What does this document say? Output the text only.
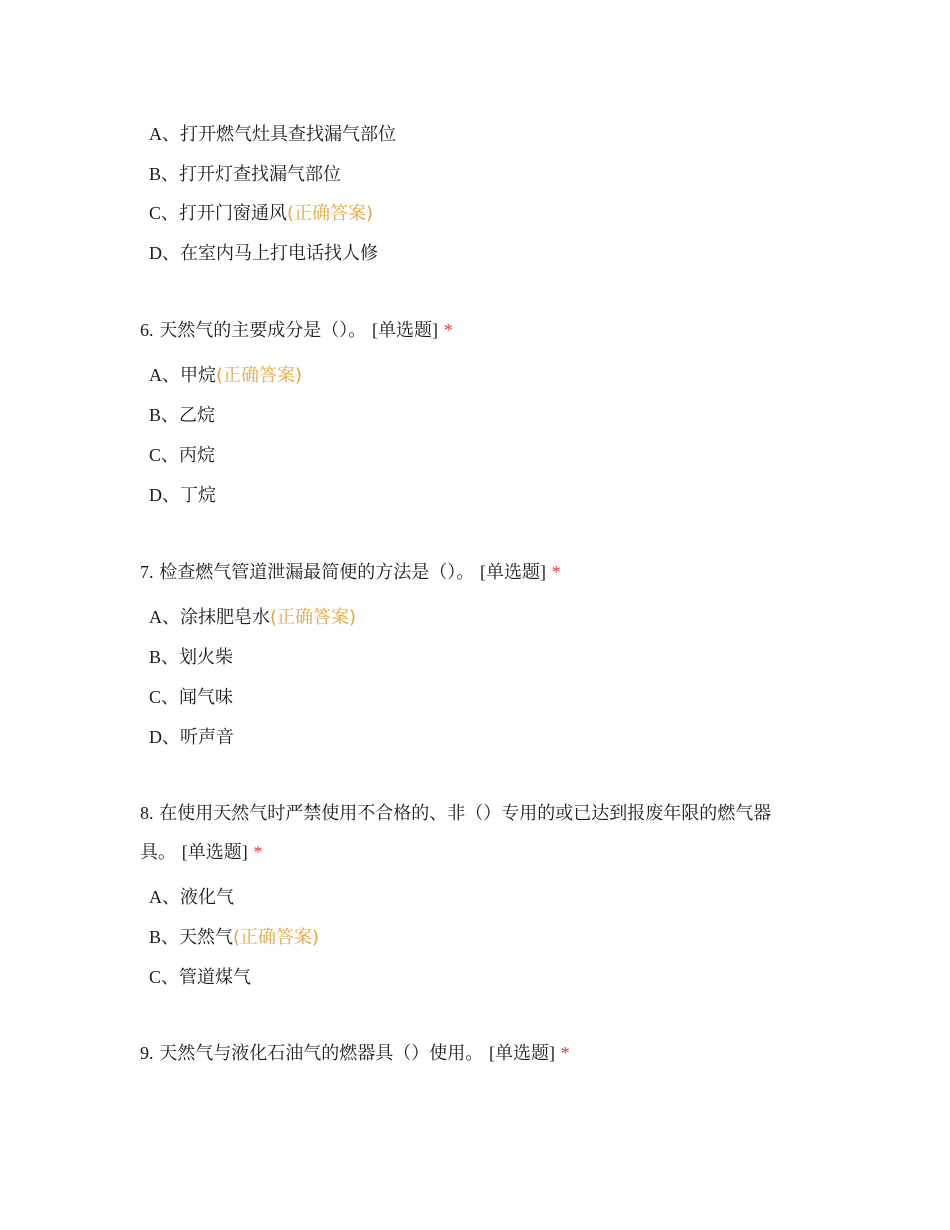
A、打开燃气灶具查找漏气部位
B、打开灯查找漏气部位
C、打开门窗通风(正确答案)
D、在室内马上打电话找人修
6. 天然气的主要成分是（）。 [单选题] *
A、甲烷(正确答案)
B、乙烷
C、丙烷
D、丁烷
7. 检查燃气管道泄漏最简便的方法是（）。 [单选题] *
A、涂抹肥皂水(正确答案)
B、划火柴
C、闻气味
D、听声音
8. 在使用天然气时严禁使用不合格的、非（）专用的或已达到报废年限的燃气器具。 [单选题] *
A、液化气
B、天然气(正确答案)
C、管道煤气
9. 天然气与液化石油气的燃器具（）使用。 [单选题] *
